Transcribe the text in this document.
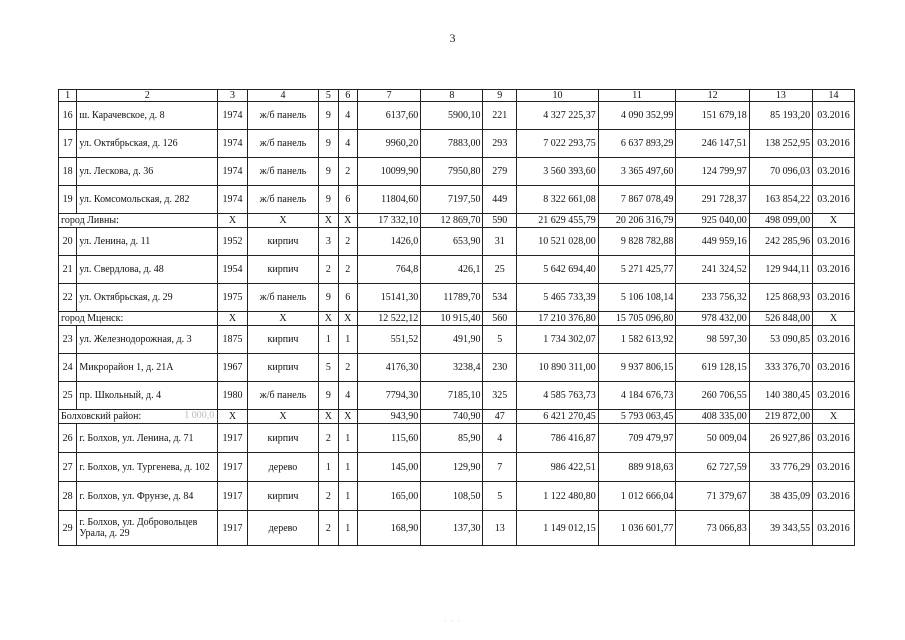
3
1	2	3	4	5	6	7	8	9	10	11	12	13	14
16	ш. Карачевское, д. 8	1974	ж/б панель	9	4	6137,60	5900,10	221	4 327 225,37	4 090 352,99	151 679,18	85 193,20	03.2016
17	ул. Октябрьская, д. 126	1974	ж/б панель	9	4	9960,20	7883,00	293	7 022 293,75	6 637 893,29	246 147,51	138 252,95	03.2016
18	ул. Лескова, д. 36	1974	ж/б панель	9	2	10099,90	7950,80	279	3 560 393,60	3 365 497,60	124 799,97	70 096,03	03.2016
19	ул. Комсомольская, д. 282	1974	ж/б панель	9	6	11804,60	7197,50	449	8 322 661,08	7 867 078,49	291 728,37	163 854,22	03.2016
город Ливны:		X	X	X	X	17 332,10	12 869,70	590	21 629 455,79	20 206 316,79	925 040,00	498 099,00	X
20	ул. Ленина, д. 11	1952	кирпич	3	2	1426,0	653,90	31	10 521 028,00	9 828 782,88	449 959,16	242 285,96	03.2016
21	ул. Свердлова, д. 48	1954	кирпич	2	2	764,8	426,1	25	5 642 694,40	5 271 425,77	241 324,52	129 944,11	03.2016
22	ул. Октябрьская, д. 29	1975	ж/б панель	9	6	15141,30	11789,70	534	5 465 733,39	5 106 108,14	233 756,32	125 868,93	03.2016
город Мценск:		X	X	X	X	12 522,12	10 915,40	560	17 210 376,80	15 705 096,80	978 432,00	526 848,00	X
23	ул. Железнодорожная, д. 3	1875	кирпич	1	1	551,52	491,90	5	1 734 302,07	1 582 613,92	98 597,30	53 090,85	03.2016
24	Микрорайон 1, д. 21А	1967	кирпич	5	2	4176,30	3238,4	230	10 890 311,00	9 937 806,15	619 128,15	333 376,70	03.2016
25	пр. Школьный, д. 4	1980	ж/б панель	9	4	7794,30	7185,10	325	4 585 763,73	4 184 676,73	260 706,55	140 380,45	03.2016
Болховский район: 1 000,0		X	X	X	X	943,90	740,90	47	6 421 270,45	5 793 063,45	408 335,00	219 872,00	X
26	г. Болхов, ул. Ленина, д. 71	1917	кирпич	2	1	115,60	85,90	4	786 416,87	709 479,97	50 009,04	26 927,86	03.2016
27	г. Болхов, ул. Тургенева, д. 102	1917	дерево	1	1	145,00	129,90	7	986 422,51	889 918,63	62 727,59	33 776,29	03.2016
28	г. Болхов, ул. Фрунзе, д. 84	1917	кирпич	2	1	165,00	108,50	5	1 122 480,80	1 012 666,04	71 379,67	38 435,09	03.2016
29	г. Болхов, ул. Добровольцев Урала, д. 29	1917	дерево	2	1	168,90	137,30	13	1 149 012,15	1 036 601,77	73 066,83	39 343,55	03.2016
· · ·
